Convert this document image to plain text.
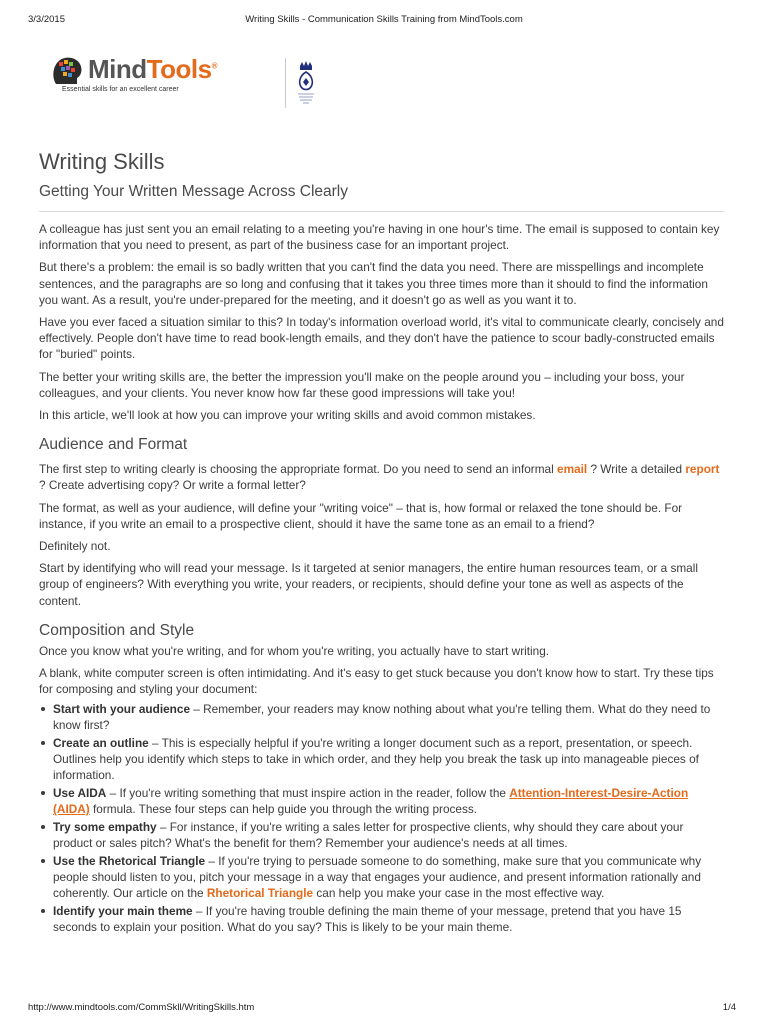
3/3/2015	Writing Skills - Communication Skills Training from MindTools.com
MindTools®
Essential skills for an excellent career
Writing Skills
Getting Your Written Message Across Clearly

A colleague has just sent you an email relating to a meeting you're having in one hour's time. The email is supposed to contain key information that you need to present, as part of the business case for an important project.

But there's a problem: the email is so badly written that you can't find the data you need. There are misspellings and incomplete sentences, and the paragraphs are so long and confusing that it takes you three times more than it should to find the information you want. As a result, you're under-prepared for the meeting, and it doesn't go as well as you want it to.

Have you ever faced a situation similar to this? In today's information overload world, it's vital to communicate clearly, concisely and effectively. People don't have time to read book-length emails, and they don't have the patience to scour badly-constructed emails for "buried" points.

The better your writing skills are, the better the impression you'll make on the people around you – including your boss, your colleagues, and your clients. You never know how far these good impressions will take you!

In this article, we'll look at how you can improve your writing skills and avoid common mistakes.

Audience and Format

The first step to writing clearly is choosing the appropriate format. Do you need to send an informal email ? Write a detailed report ? Create advertising copy? Or write a formal letter?

The format, as well as your audience, will define your "writing voice" – that is, how formal or relaxed the tone should be. For instance, if you write an email to a prospective client, should it have the same tone as an email to a friend?

Definitely not.

Start by identifying who will read your message. Is it targeted at senior managers, the entire human resources team, or a small group of engineers? With everything you write, your readers, or recipients, should define your tone as well as aspects of the content.

Composition and Style

Once you know what you're writing, and for whom you're writing, you actually have to start writing.

A blank, white computer screen is often intimidating. And it's easy to get stuck because you don't know how to start. Try these tips for composing and styling your document:

Start with your audience – Remember, your readers may know nothing about what you're telling them. What do they need to know first?
Create an outline – This is especially helpful if you're writing a longer document such as a report, presentation, or speech. Outlines help you identify which steps to take in which order, and they help you break the task up into manageable pieces of information.
Use AIDA – If you're writing something that must inspire action in the reader, follow the Attention-Interest-Desire-Action (AIDA) formula. These four steps can help guide you through the writing process.
Try some empathy – For instance, if you're writing a sales letter for prospective clients, why should they care about your product or sales pitch? What's the benefit for them? Remember your audience's needs at all times.
Use the Rhetorical Triangle – If you're trying to persuade someone to do something, make sure that you communicate why people should listen to you, pitch your message in a way that engages your audience, and present information rationally and coherently. Our article on the Rhetorical Triangle can help you make your case in the most effective way.
Identify your main theme – If you're having trouble defining the main theme of your message, pretend that you have 15 seconds to explain your position. What do you say? This is likely to be your main theme.
http://www.mindtools.com/CommSkll/WritingSkills.htm	1/4
